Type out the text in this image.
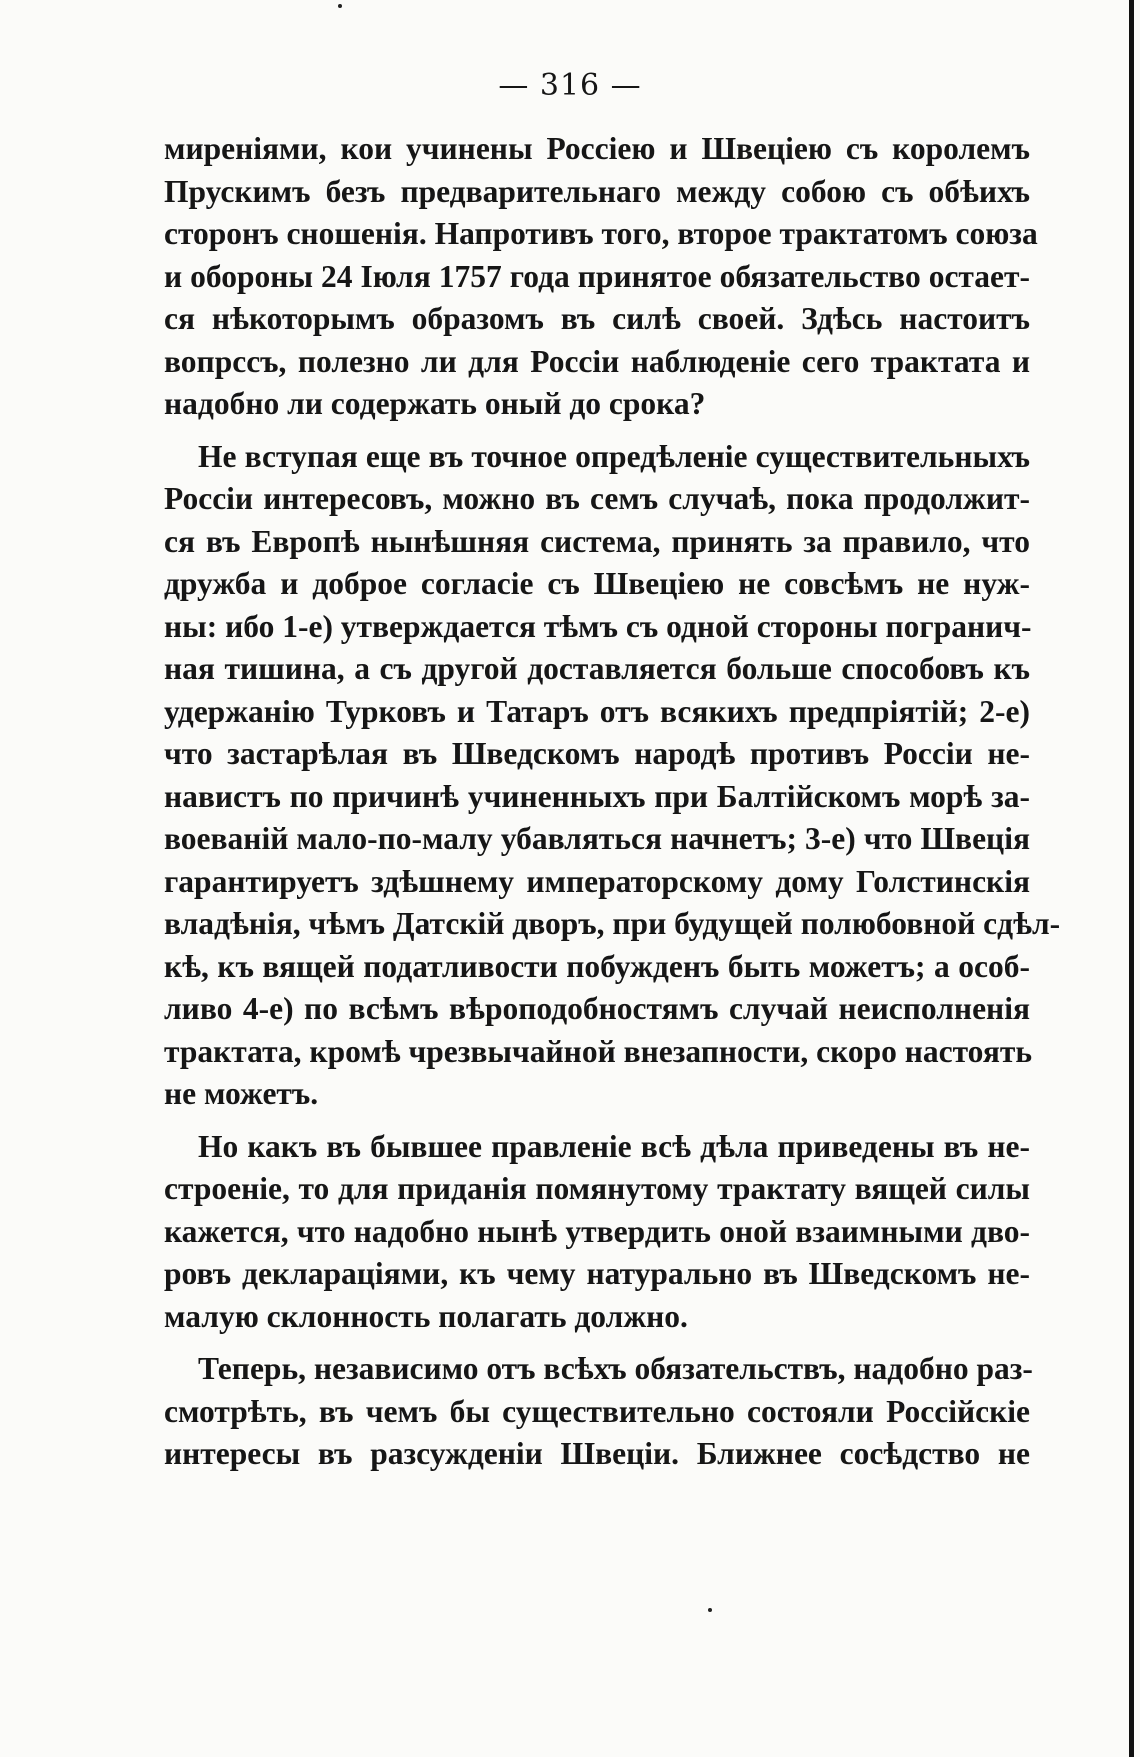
— 316 —
миреніями, кои учинены Россіею и Швеціею съ королемъ
Прускимъ безъ предварительнаго между собою съ обѣихъ
сторонъ сношенія. Напротивъ того, второе трактатомъ союза
и обороны 24 Іюля 1757 года принятое обязательство остает-
ся нѣкоторымъ образомъ въ силѣ своей. Здѣсь настоитъ
вопрссъ, полезно ли для Россіи наблюденіе сего трактата и
надобно ли содержать оный до срока?
Не вступая еще въ точное опредѣленіе существительныхъ
Россіи интересовъ, можно въ семъ случаѣ, пока продолжит-
ся въ Европѣ нынѣшняя система, принять за правило, что
дружба и доброе согласіе съ Швеціею не совсѣмъ не нуж-
ны: ибо 1-е) утверждается тѣмъ съ одной стороны погранич-
ная тишина, а съ другой доставляется больше способовъ къ
удержанію Турковъ и Татаръ отъ всякихъ предпріятій; 2-е)
что застарѣлая въ Шведскомъ народѣ противъ Россіи не-
навистъ по причинѣ учиненныхъ при Балтійскомъ морѣ за-
воеваній мало-по-малу убавляться начнетъ; 3-е) что Швеція
гарантируетъ здѣшнему императорскому дому Голстинскія
владѣнія, чѣмъ Датскій дворъ, при будущей полюбовной сдѣл-
кѣ, къ вящей податливости побужденъ быть можетъ; а особ-
ливо 4-е) по всѣмъ вѣроподобностямъ случай неисполненія
трактата, кромѣ чрезвычайной внезапности, скоро настоять
не можетъ.
Но какъ въ бывшее правленіе всѣ дѣла приведены въ не-
строеніе, то для приданія помянутому трактату вящей силы
кажется, что надобно нынѣ утвердить оной взаимными дво-
ровъ деклараціями, къ чему натурально въ Шведскомъ не-
малую склонность полагать должно.
Теперь, независимо отъ всѣхъ обязательствъ, надобно раз-
смотрѣть, въ чемъ бы существительно состояли Россійскіе
интересы въ разсужденіи Швеціи. Ближнее сосѣдство не
